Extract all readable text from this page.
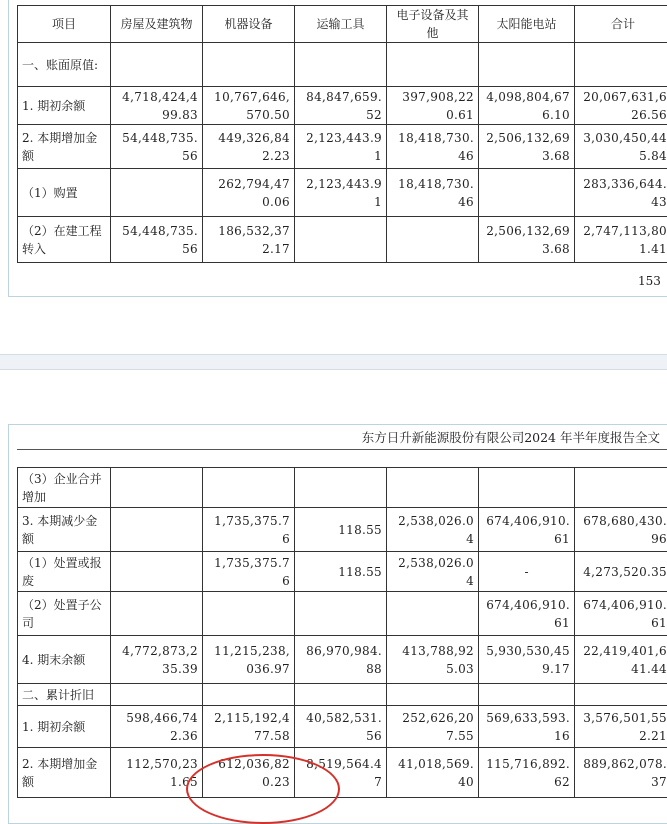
项目	房屋及建筑物	机器设备	运输工具	电子设备及其他	太阳能电站	合计
一、账面原值:						
1. 期初余额	4,718,424,499.83	10,767,646,570.50	84,847,659.52	397,908,220.61	4,098,804,676.10	20,067,631,626.56
2. 本期增加金额	54,448,735.56	449,326,842.23	2,123,443.91	18,418,730.46	2,506,132,693.68	3,030,450,445.84
（1）购置		262,794,470.06	2,123,443.91	18,418,730.46		283,336,644.43
（2）在建工程转入	54,448,735.56	186,532,372.17			2,506,132,693.68	2,747,113,801.41
153
东方日升新能源股份有限公司2024 年半年度报告全文
（3）企业合并增加						
3. 本期减少金额		1,735,375.76	118.55	2,538,026.04	674,406,910.61	678,680,430.96
（1）处置或报废		1,735,375.76	118.55	2,538,026.04	-	4,273,520.35
（2）处置子公司					674,406,910.61	674,406,910.61
4. 期末余额	4,772,873,235.39	11,215,238,036.97	86,970,984.88	413,788,925.03	5,930,530,459.17	22,419,401,641.44
二、累计折旧						
1. 期初余额	598,466,742.36	2,115,192,477.58	40,582,531.56	252,626,207.55	569,633,593.16	3,576,501,552.21
2. 本期增加金额	112,570,231.65	612,036,820.23	8,519,564.47	41,018,569.40	115,716,892.62	889,862,078.37
